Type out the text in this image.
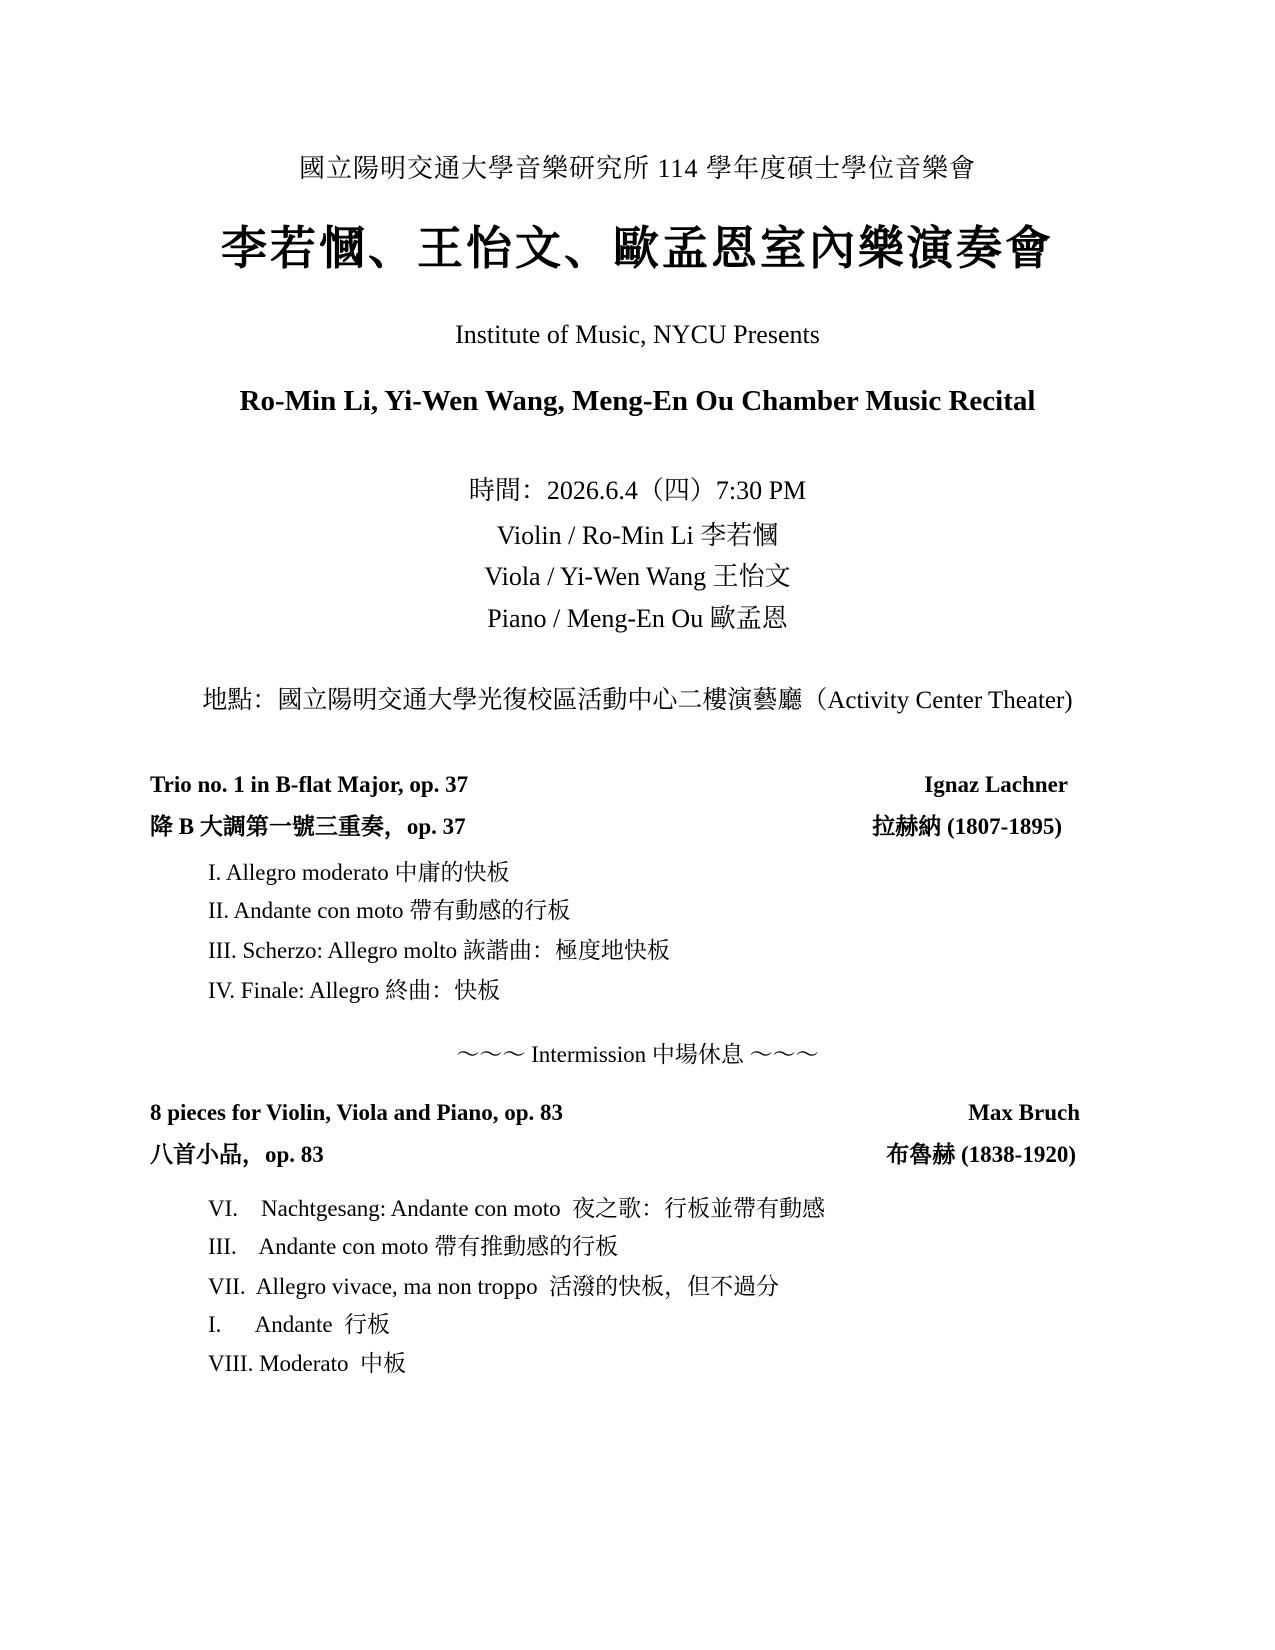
國立陽明交通大學音樂研究所 114 學年度碩士學位音樂會
李若慖、王怡文、歐孟恩室內樂演奏會
Institute of Music, NYCU Presents
Ro-Min Li, Yi-Wen Wang, Meng-En Ou Chamber Music Recital
時間：2026.6.4（四）7:30 PM
Violin / Ro-Min Li 李若慖
Viola / Yi-Wen Wang 王怡文
Piano / Meng-En Ou 歐孟恩
地點：國立陽明交通大學光復校區活動中心二樓演藝廳（Activity Center Theater)
Trio no. 1 in B-flat Major, op. 37	Ignaz Lachner
降 B 大調第一號三重奏，op. 37	拉赫納 (1807-1895)
I. Allegro moderato 中庸的快板
II. Andante con moto 帶有動感的行板
III. Scherzo: Allegro molto 詼諧曲：極度地快板
IV. Finale: Allegro 終曲：快板
～～～ Intermission 中場休息 ～～～
8 pieces for Violin, Viola and Piano, op. 83	Max Bruch
八首小品，op. 83	布魯赫 (1838-1920)
VI.    Nachtgesang: Andante con moto  夜之歌：行板並帶有動感
III.    Andante con moto 帶有推動感的行板
VII.  Allegro vivace, ma non troppo  活潑的快板，但不過分
I.      Andante  行板
VIII. Moderato  中板
